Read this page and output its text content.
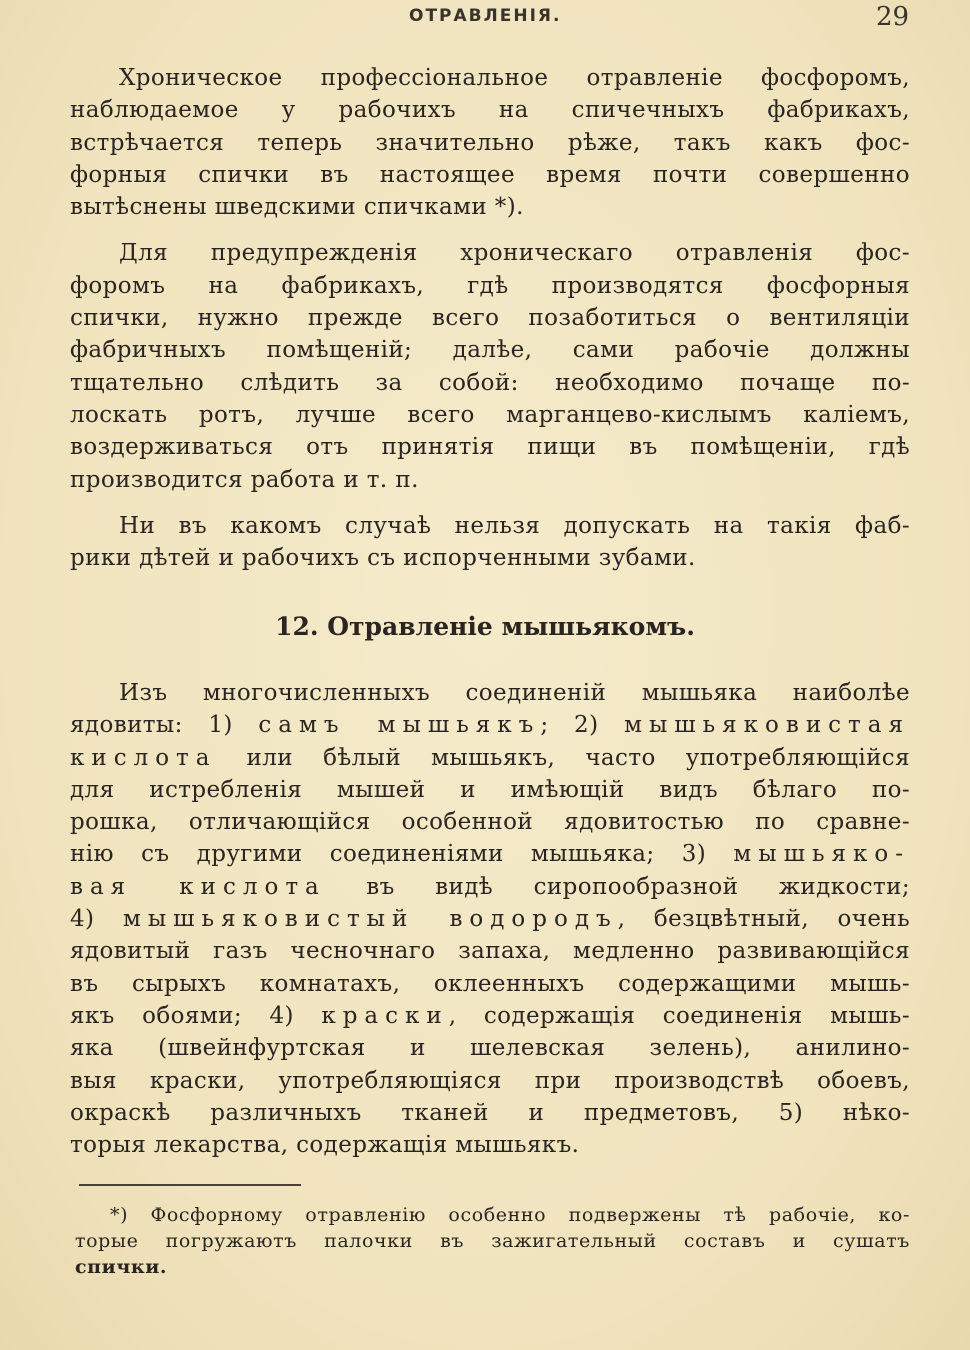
ОТРАВЛЕНІЯ.	29
Хроническое профессіональное отравленіе фосфоромъ,
наблюдаемое у рабочихъ на спичечныхъ фабрикахъ,
встрѣчается теперь значительно рѣже, такъ какъ фос-
форныя спички въ настоящее время почти совершенно
вытѣснены шведскими спичками *).
Для предупрежденія хроническаго отравленія фос-
форомъ на фабрикахъ, гдѣ производятся фосфорныя
спички, нужно прежде всего позаботиться о вентиляціи
фабричныхъ помѣщеній; далѣе, сами рабочіе должны
тщательно слѣдить за собой: необходимо почаще по-
лоскать ротъ, лучше всего марганцево-кислымъ каліемъ,
воздерживаться отъ принятія пищи въ помѣщеніи, гдѣ
производится работа и т. п.
Ни въ какомъ случаѣ нельзя допускать на такія фаб-
рики дѣтей и рабочихъ съ испорченными зубами.
12. Отравленіе мышьякомъ.
Изъ многочисленныхъ соединеній мышьяка наиболѣе
ядовиты: 1) самъ мышьякъ; 2) мышьяковистая
кислота или бѣлый мышьякъ, часто употребляющійся
для истребленія мышей и имѣющій видъ бѣлаго по-
рошка, отличающійся особенной ядовитостью по сравне-
нію съ другими соединеніями мышьяка; 3) мышьяко-
вая кислота въ видѣ сиропообразной жидкости;
4) мышьяковистый водородъ, безцвѣтный, очень
ядовитый газъ чесночнаго запаха, медленно развивающійся
въ сырыхъ комнатахъ, оклеенныхъ содержащими мышь-
якъ обоями; 4) краски, содержащія соединенія мышь-
яка (швейнфуртская и шелевская зелень), анилино-
выя краски, употребляющіяся при производствѣ обоевъ,
окраскѣ различныхъ тканей и предметовъ, 5) нѣко-
торыя лекарства, содержащія мышьякъ.
*) Фосфорному отравленію особенно подвержены тѣ рабочіе, ко-
торые погружаютъ палочки въ зажигательный составъ и сушатъ
спички.
